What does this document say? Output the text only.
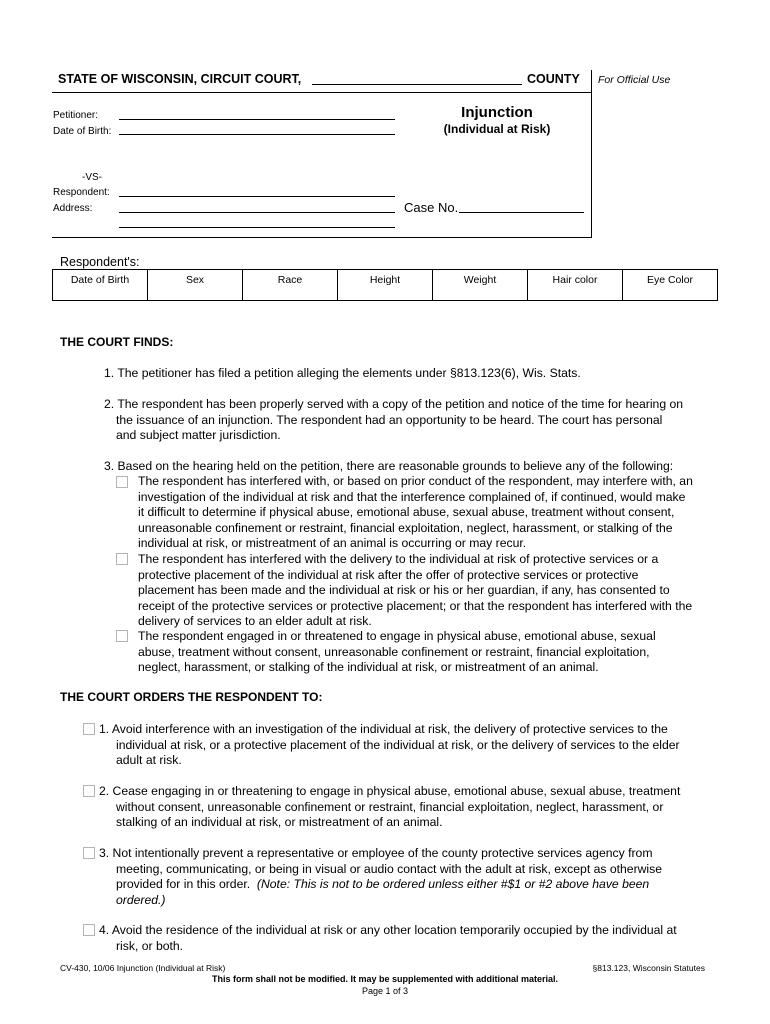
STATE OF WISCONSIN, CIRCUIT COURT,	COUNTY For Official Use
Petitioner:
Date of Birth:
-VS-
Respondent:
Address:
Injunction
(Individual at Risk)
Case No.
Respondent's:
Date of Birth	Sex	Race	Height	Weight	Hair color	Eye Color
THE COURT FINDS:
1. The petitioner has filed a petition alleging the elements under §813.123(6), Wis. Stats.
2. The respondent has been properly served with a copy of the petition and notice of the time for hearing on
the issuance of an injunction. The respondent had an opportunity to be heard. The court has personal
and subject matter jurisdiction.
3. Based on the hearing held on the petition, there are reasonable grounds to believe any of the following:
The respondent has interfered with, or based on prior conduct of the respondent, may interfere with, an
investigation of the individual at risk and that the interference complained of, if continued, would make
it difficult to determine if physical abuse, emotional abuse, sexual abuse, treatment without consent,
unreasonable confinement or restraint, financial exploitation, neglect, harassment, or stalking of the
individual at risk, or mistreatment of an animal is occurring or may recur.
The respondent has interfered with the delivery to the individual at risk of protective services or a
protective placement of the individual at risk after the offer of protective services or protective
placement has been made and the individual at risk or his or her guardian, if any, has consented to
receipt of the protective services or protective placement; or that the respondent has interfered with the
delivery of services to an elder adult at risk.
The respondent engaged in or threatened to engage in physical abuse, emotional abuse, sexual
abuse, treatment without consent, unreasonable confinement or restraint, financial exploitation,
neglect, harassment, or stalking of the individual at risk, or mistreatment of an animal.
THE COURT ORDERS THE RESPONDENT TO:
1. Avoid interference with an investigation of the individual at risk, the delivery of protective services to the
individual at risk, or a protective placement of the individual at risk, or the delivery of services to the elder
adult at risk.
2. Cease engaging in or threatening to engage in physical abuse, emotional abuse, sexual abuse, treatment
without consent, unreasonable confinement or restraint, financial exploitation, neglect, harassment, or
stalking of an individual at risk, or mistreatment of an animal.
3. Not intentionally prevent a representative or employee of the county protective services agency from
meeting, communicating, or being in visual or audio contact with the adult at risk, except as otherwise
provided for in this order. (Note: This is not to be ordered unless either #$1 or #2 above have been
ordered.)
4. Avoid the residence of the individual at risk or any other location temporarily occupied by the individual at
risk, or both.
CV-430, 10/06 Injunction (Individual at Risk)	§813.123, Wisconsin Statutes
This form shall not be modified. It may be supplemented with additional material.
Page 1 of 3
